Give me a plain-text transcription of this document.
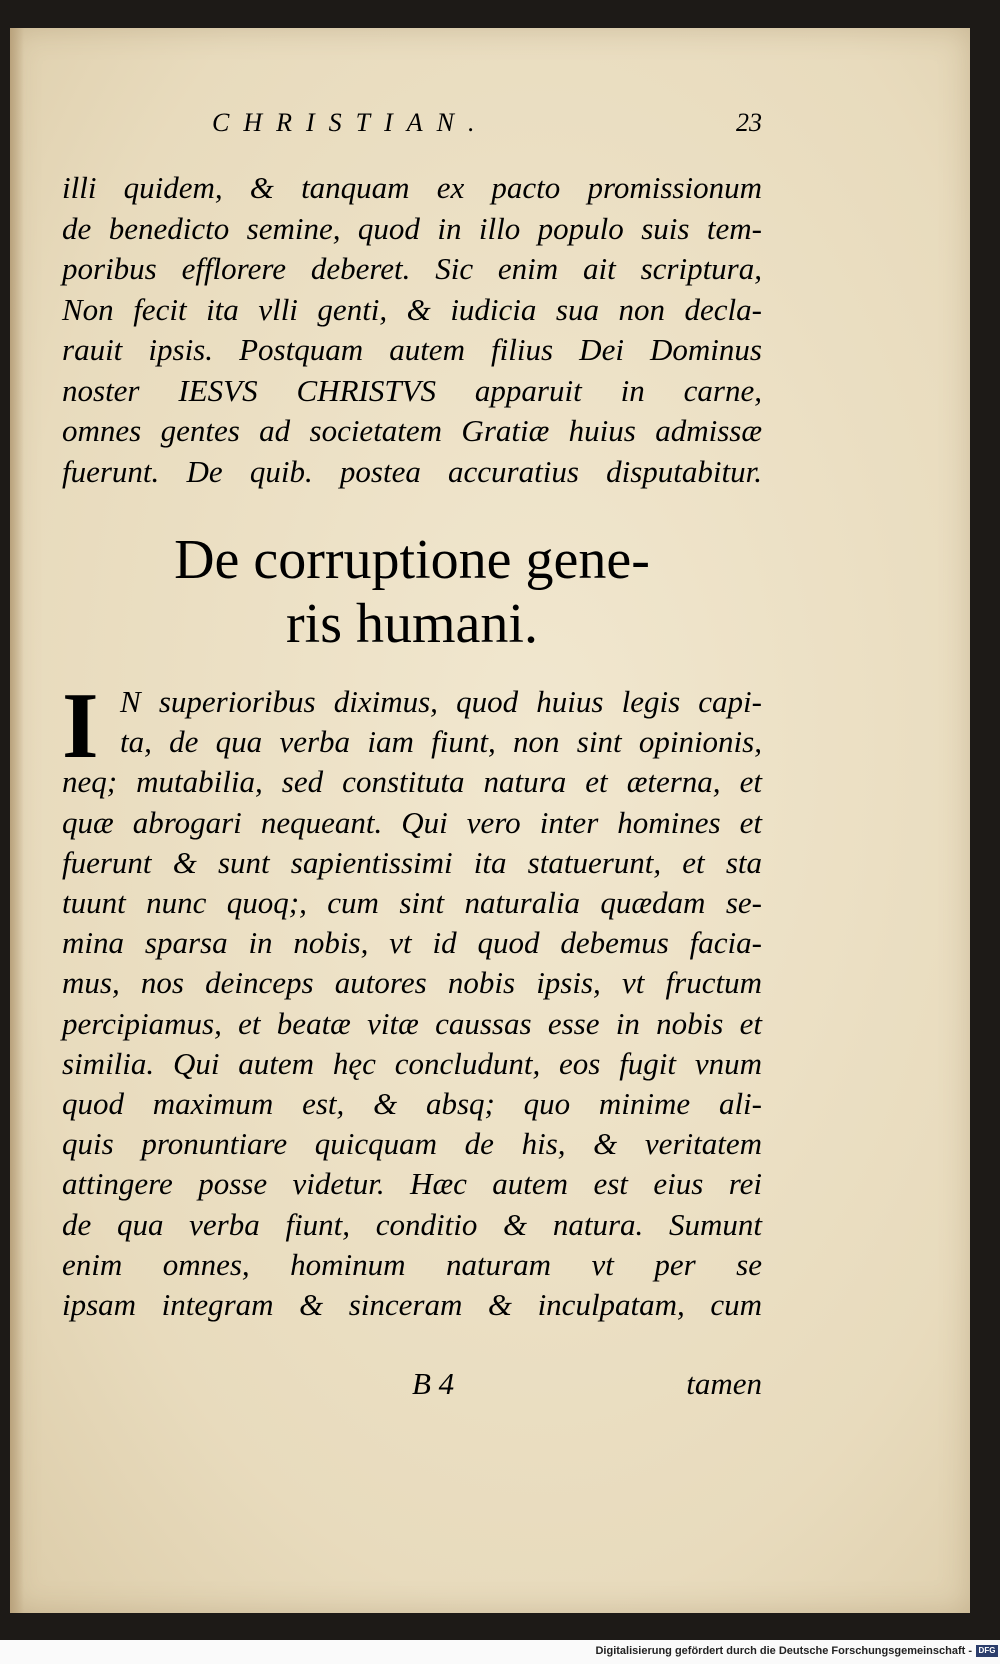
CHRISTIAN.	23
illi quidem, & tanquam ex pacto promissionum
de benedicto semine, quod in illo populo suis tem-
poribus efflorere deberet. Sic enim ait scriptura,
Non fecit ita vlli genti, & iudicia sua non decla-
rauit ipsis. Postquam autem filius Dei Dominus
noster IESVS CHRISTVS apparuit in carne,
omnes gentes ad societatem Gratiæ huius admissæ
fuerunt. De quib. postea accuratius disputabitur.
De corruptione gene-
ris humani.
I N superioribus diximus, quod huius legis capi-
ta, de qua verba iam fiunt, non sint opinionis,
neq; mutabilia, sed constituta natura et æterna, et
quæ abrogari nequeant. Qui vero inter homines et
fuerunt & sunt sapientissimi ita statuerunt, et sta
tuunt nunc quoq;, cum sint naturalia quædam se-
mina sparsa in nobis, vt id quod debemus facia-
mus, nos deinceps autores nobis ipsis, vt fructum
percipiamus, et beatæ vitæ caussas esse in nobis et
similia. Qui autem hęc concludunt, eos fugit vnum
quod maximum est, & absq; quo minime ali-
quis pronuntiare quicquam de his, & veritatem
attingere posse videtur. Hæc autem est eius rei
de qua verba fiunt, conditio & natura. Sumunt
enim omnes, hominum naturam vt per se
ipsam integram & sinceram & inculpatam, cum
B 4	tamen
Digitalisierung gefördert durch die Deutsche Forschungsgemeinschaft - DFG
